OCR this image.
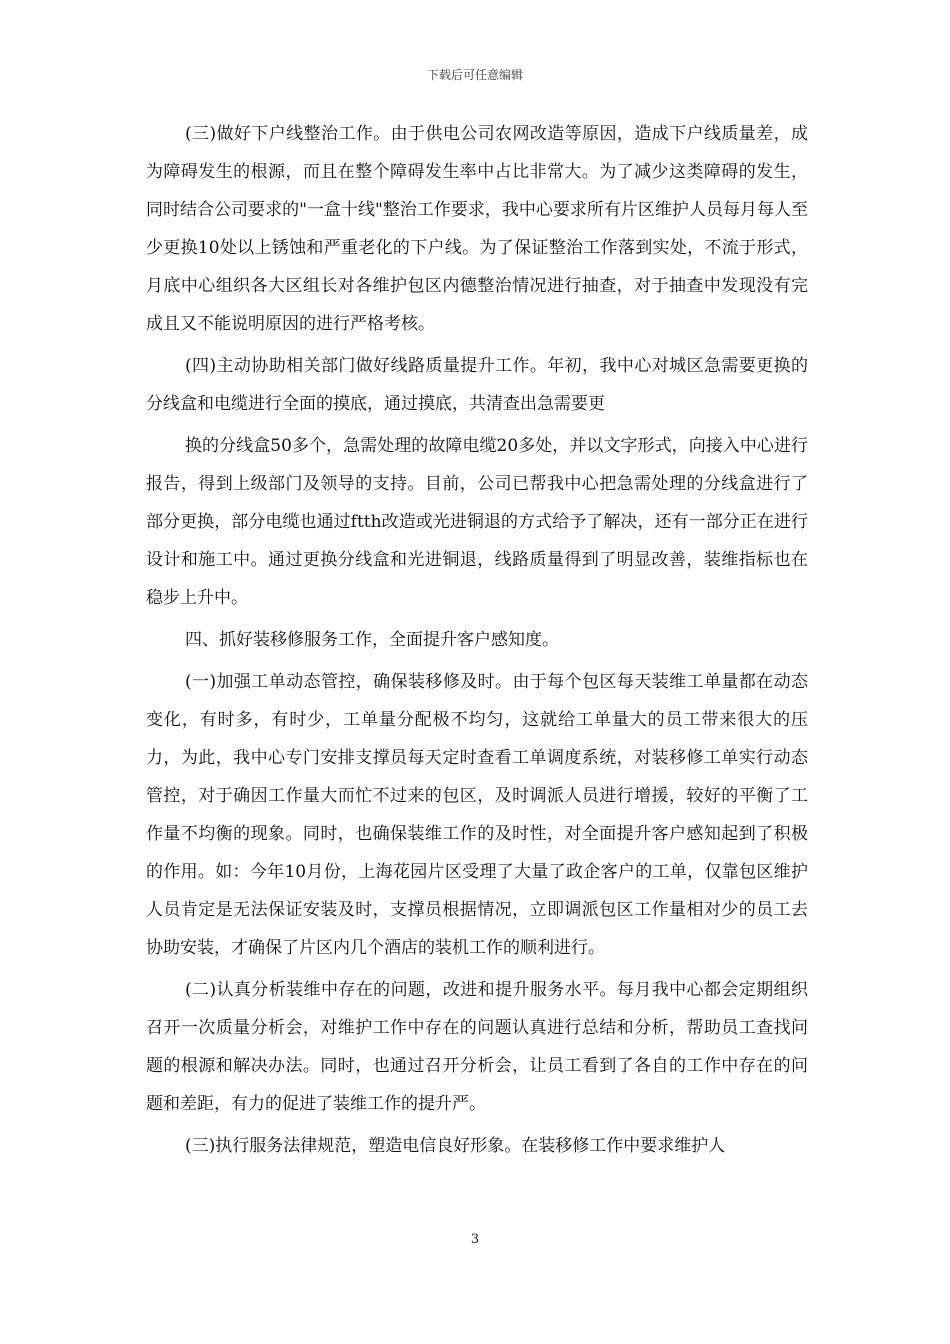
下载后可任意编辑

(三)做好下户线整治工作。由于供电公司农网改造等原因，造成下户线质量差，成为障碍发生的根源，而且在整个障碍发生率中占比非常大。为了减少这类障碍的发生，同时结合公司要求的"一盒十线"整治工作要求，我中心要求所有片区维护人员每月每人至少更换10处以上锈蚀和严重老化的下户线。为了保证整治工作落到实处，不流于形式，月底中心组织各大区组长对各维护包区内德整治情况进行抽查，对于抽查中发现没有完成且又不能说明原因的进行严格考核。

(四)主动协助相关部门做好线路质量提升工作。年初，我中心对城区急需要更换的分线盒和电缆进行全面的摸底，通过摸底，共清查出急需要更

换的分线盒50多个，急需处理的故障电缆20多处，并以文字形式，向接入中心进行报告，得到上级部门及领导的支持。目前，公司已帮我中心把急需处理的分线盒进行了部分更换，部分电缆也通过ftth改造或光进铜退的方式给予了解决，还有一部分正在进行设计和施工中。通过更换分线盒和光进铜退，线路质量得到了明显改善，装维指标也在稳步上升中。

四、抓好装移修服务工作，全面提升客户感知度。

(一)加强工单动态管控，确保装移修及时。由于每个包区每天装维工单量都在动态变化，有时多，有时少，工单量分配极不均匀，这就给工单量大的员工带来很大的压力，为此，我中心专门安排支撑员每天定时查看工单调度系统，对装移修工单实行动态管控，对于确因工作量大而忙不过来的包区，及时调派人员进行增援，较好的平衡了工作量不均衡的现象。同时，也确保装维工作的及时性，对全面提升客户感知起到了积极的作用。如：今年10月份，上海花园片区受理了大量了政企客户的工单，仅靠包区维护人员肯定是无法保证安装及时，支撑员根据情况，立即调派包区工作量相对少的员工去协助安装，才确保了片区内几个酒店的装机工作的顺利进行。

(二)认真分析装维中存在的问题，改进和提升服务水平。每月我中心都会定期组织召开一次质量分析会，对维护工作中存在的问题认真进行总结和分析，帮助员工查找问题的根源和解决办法。同时，也通过召开分析会，让员工看到了各自的工作中存在的问题和差距，有力的促进了装维工作的提升严。

(三)执行服务法律规范，塑造电信良好形象。在装移修工作中要求维护人

3
